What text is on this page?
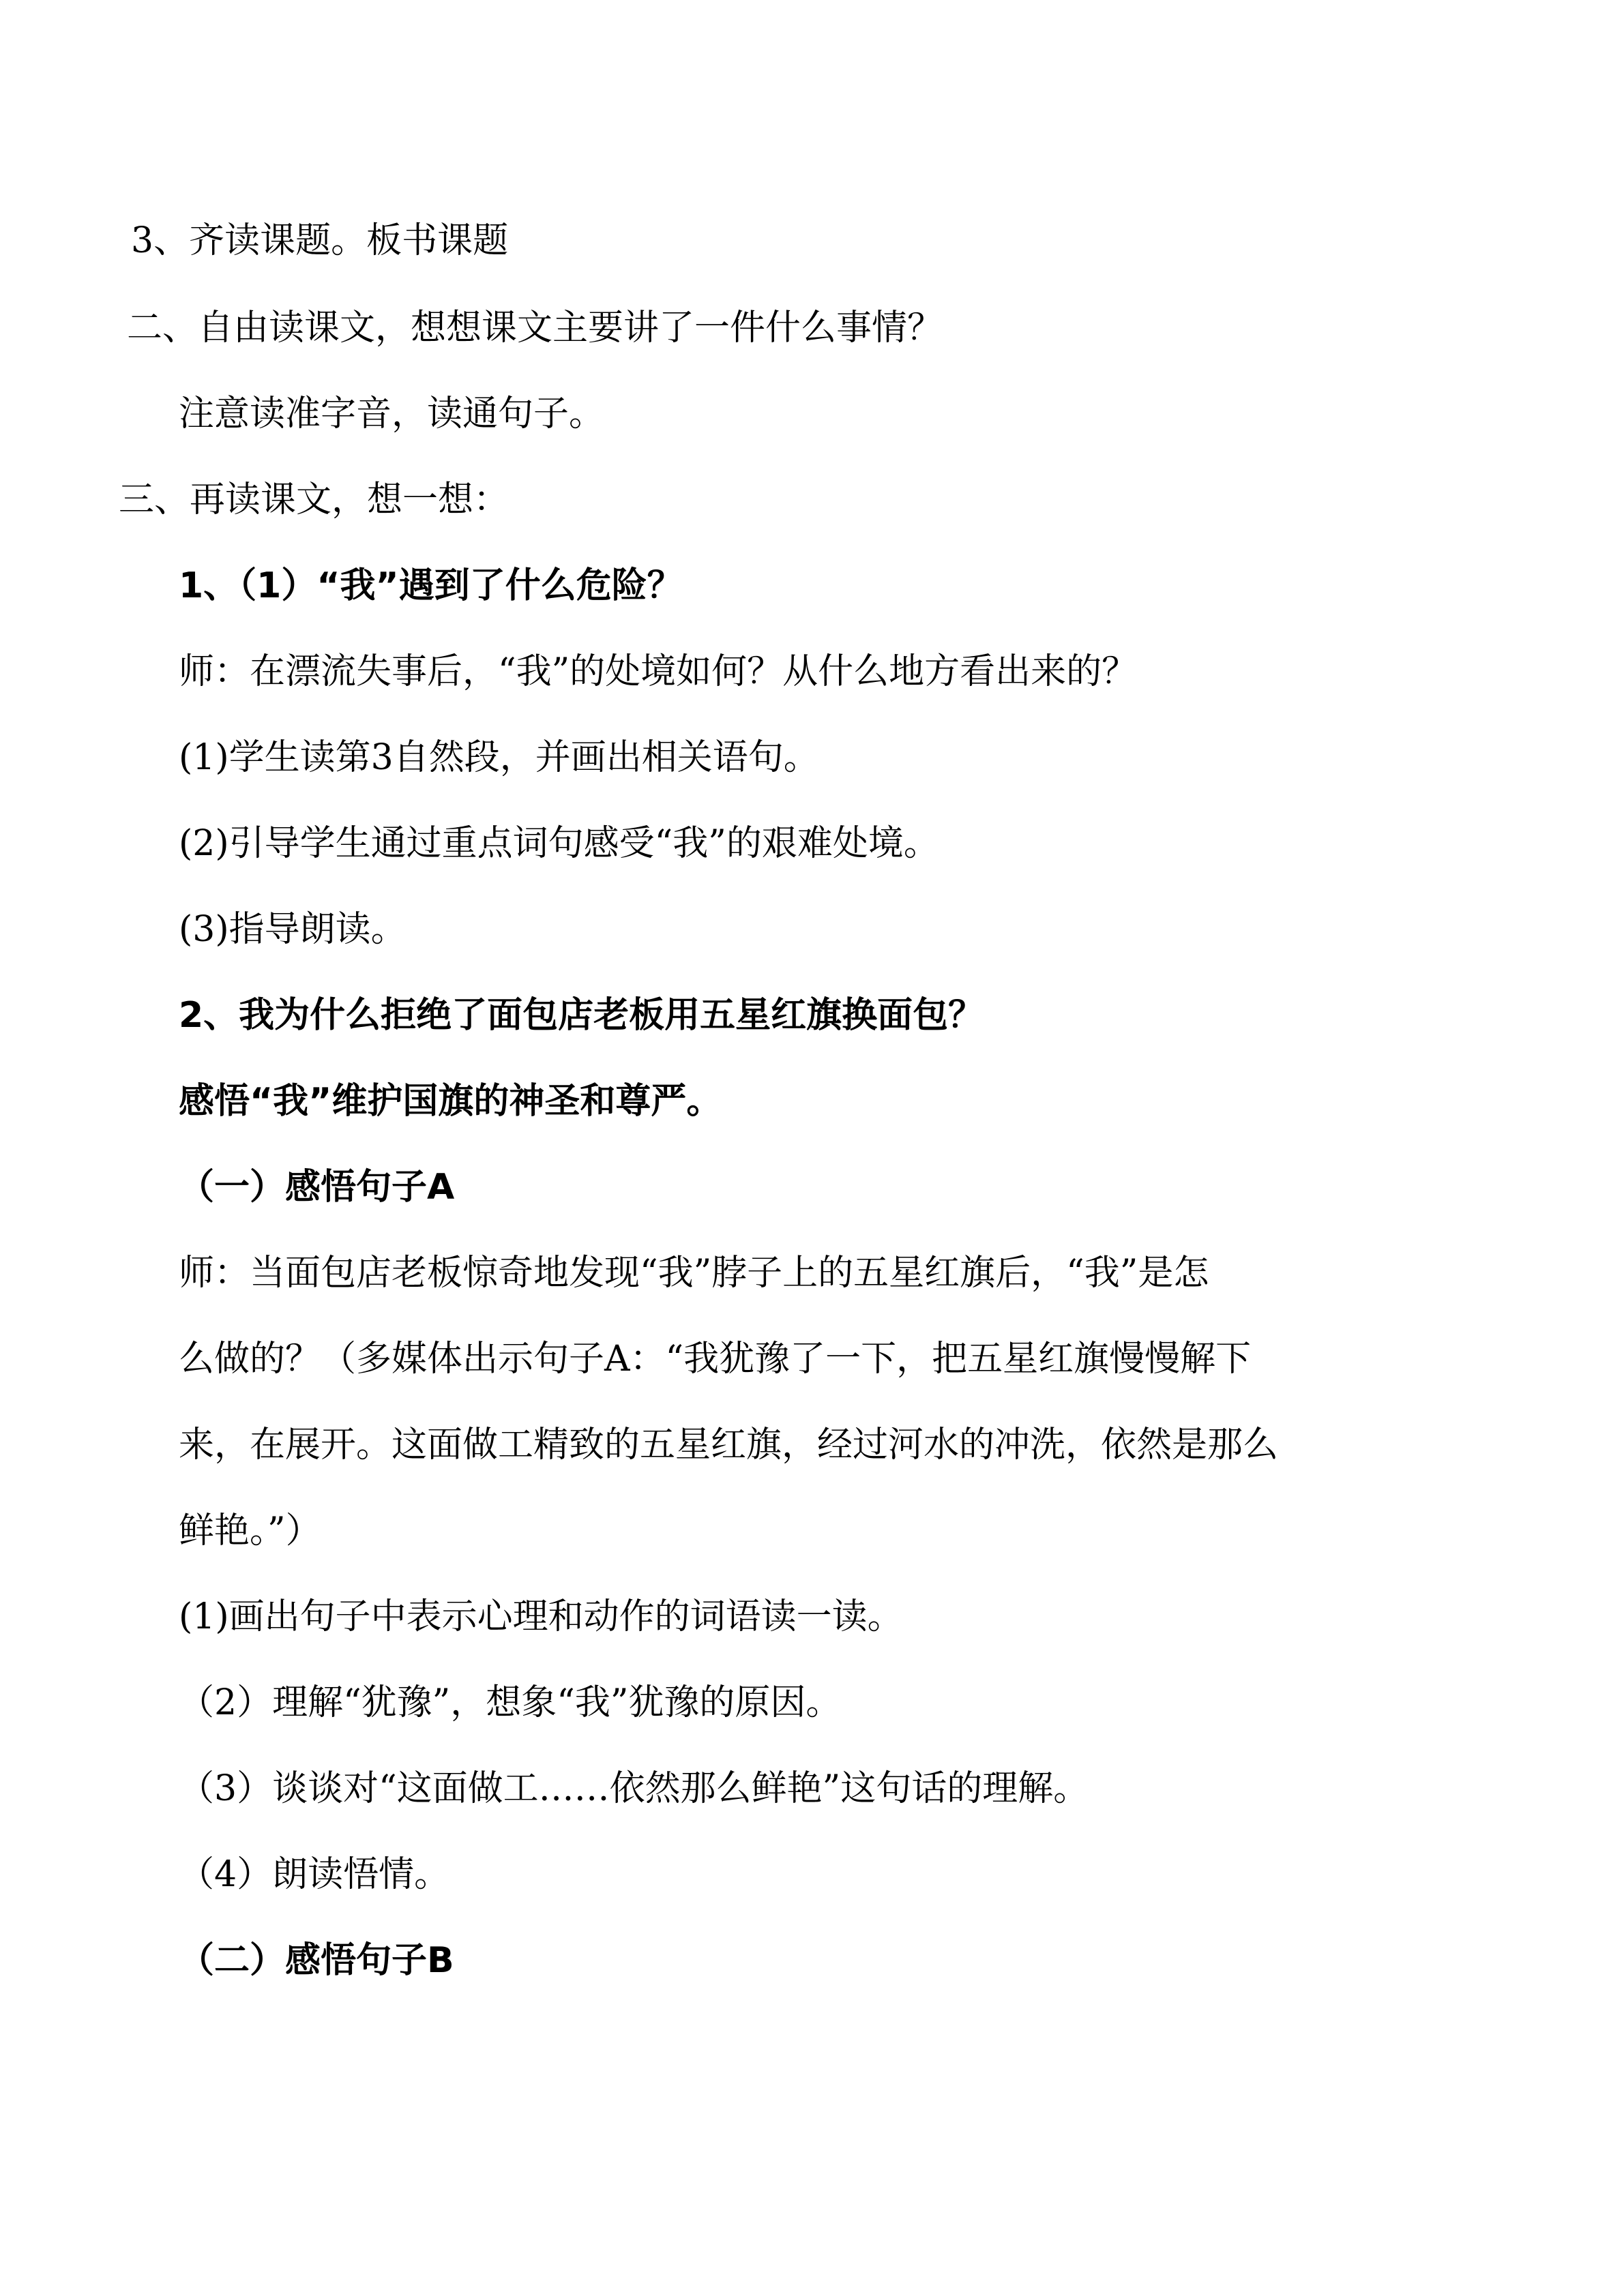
3、齐读课题。板书课题
二、自由读课文，想想课文主要讲了一件什么事情？
注意读准字音，读通句子。
三、再读课文，想一想：
1、（1）“我”遇到了什么危险？
师：在漂流失事后，“我”的处境如何？从什么地方看出来的？
(1)学生读第3自然段，并画出相关语句。
(2)引导学生通过重点词句感受“我”的艰难处境。
(3)指导朗读。
2、我为什么拒绝了面包店老板用五星红旗换面包？
感悟“我”维护国旗的神圣和尊严。
（一）感悟句子A
师：当面包店老板惊奇地发现“我”脖子上的五星红旗后，“我”是怎
么做的？（多媒体出示句子A：“我犹豫了一下，把五星红旗慢慢解下
来，在展开。这面做工精致的五星红旗，经过河水的冲洗，依然是那么
鲜艳。”）
(1)画出句子中表示心理和动作的词语读一读。
（2）理解“犹豫”，想象“我”犹豫的原因。
（3）谈谈对“这面做工……依然那么鲜艳”这句话的理解。
（4）朗读悟情。
（二）感悟句子B
